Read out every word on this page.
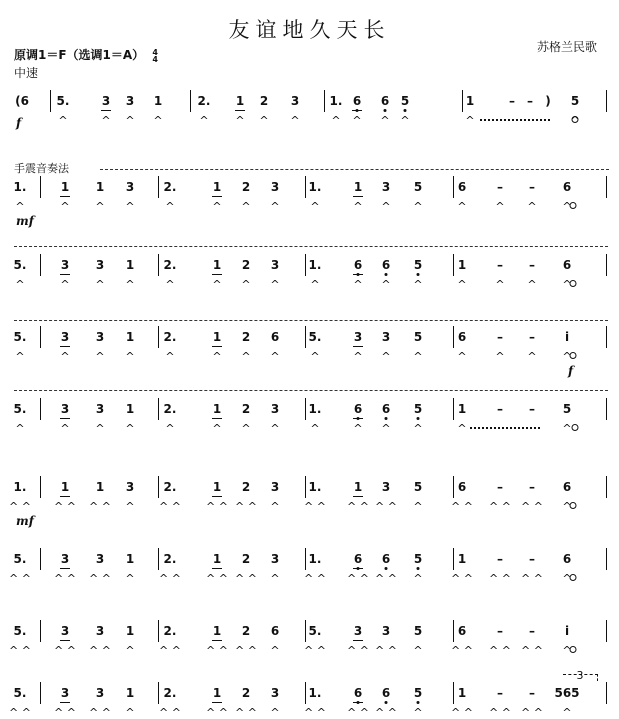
友谊地久天长
苏格兰民歌
原调1＝F（选调1＝A） 4
4
中速
手震音奏法
(6 5.
^
3
^
3
^
1
^
2.
^
1
^
2
^
3
^
1.
^
6
^
6
^
5
^
1
^
– – ) 5
^
f
1.
^
1
^
1
^
3
^
2.
^
1
^
2
^
3
^
1.
^
1
^
3
^
5
^
6
^
–
^
–
^
6
^
mf
5.
^
3
^
3
^
1
^
2.
^
1
^
2
^
3
^
1.
^
6
^
6
^
5
^
1
^
–
^
–
^
6
^
5.
^
3
^
3
^
1
^
2.
^
1
^
2
^
6
^
5.
^
3
^
3
^
5
^
6
^
–
^
–
^
i
^
f
5.
^
3
^
3
^
1
^
2.
^
1
^
2
^
3
^
1.
^
6
^
6
^
5
^
1
^
– – 5
^
1.
^ ^
1
^ ^
1
^ ^
3
^
2.
^ ^
1
^ ^
2
^ ^
3
^
1.
^ ^
1
^ ^
3
^ ^
5
^
6
^ ^
–
^ ^
–
^ ^
6
^
mf
5.
^ ^
3
^ ^
3
^ ^
1
^
2.
^ ^
1
^ ^
2
^ ^
3
^
1.
^ ^
6
^ ^
6
^ ^
5
^
1
^ ^
–
^ ^
–
^ ^
6
^
5.
^ ^
3
^ ^
3
^ ^
1
^
2.
^ ^
1
^ ^
2
^ ^
6
^
5.
^ ^
3
^ ^
3
^ ^
5
^
6
^ ^
–
^ ^
–
^ ^
i
^
5.
^ ^
3
^ ^
3
^ ^
1
^
2.
^ ^
1
^ ^
2
^ ^
3
^
1.
^ ^
6
^ ^
6
^ ^
5
^
1
^ ^
–
^ ^
–
^ ^
565
^
3
